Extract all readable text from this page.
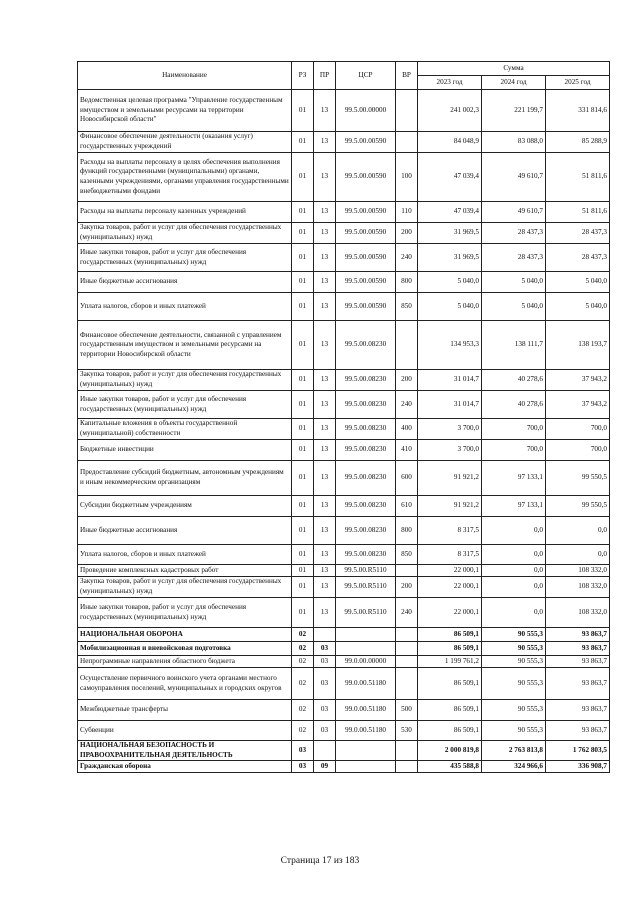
Наименование	РЗ	ПР	ЦСР	ВР	Сумма		
					2023 год	2024 год	2025 год
Ведомственная целевая программа "Управление государственным имуществом и земельными ресурсами на территории Новосибирской области"	01	13	99.5.00.00000		241 002,3	221 199,7	331 814,6
Финансовое обеспечение деятельности (оказания услуг) государственных учреждений	01	13	99.5.00.00590		84 048,9	83 088,0	85 288,9
Расходы на выплаты персоналу в целях обеспечения выполнения функций государственными (муниципальными) органами, казенными учреждениями, органами управления государственными внебюджетными фондами	01	13	99.5.00.00590	100	47 039,4	49 610,7	51 811,6
Расходы на выплаты персоналу казенных учреждений	01	13	99.5.00.00590	110	47 039,4	49 610,7	51 811,6
Закупка товаров, работ и услуг для обеспечения государственных (муниципальных) нужд	01	13	99.5.00.00590	200	31 969,5	28 437,3	28 437,3
Иные закупки товаров, работ и услуг для обеспечения государственных (муниципальных) нужд	01	13	99.5.00.00590	240	31 969,5	28 437,3	28 437,3
Иные бюджетные ассигнования	01	13	99.5.00.00590	800	5 040,0	5 040,0	5 040,0
Уплата налогов, сборов и иных платежей	01	13	99.5.00.00590	850	5 040,0	5 040,0	5 040,0
Финансовое обеспечение деятельности, связанной с управлением государственным имуществом и земельными ресурсами на территории Новосибирской области	01	13	99.5.00.08230		134 953,3	138 111,7	138 193,7
Закупка товаров, работ и услуг для обеспечения государственных (муниципальных) нужд	01	13	99.5.00.08230	200	31 014,7	40 278,6	37 943,2
Иные закупки товаров, работ и услуг для обеспечения государственных (муниципальных) нужд	01	13	99.5.00.08230	240	31 014,7	40 278,6	37 943,2
Капитальные вложения в объекты государственной (муниципальной) собственности	01	13	99.5.00.08230	400	3 700,0	700,0	700,0
Бюджетные инвестиции	01	13	99.5.00.08230	410	3 700,0	700,0	700,0
Предоставление субсидий бюджетным, автономным учреждениям и иным некоммерческим организациям	01	13	99.5.00.08230	600	91 921,2	97 133,1	99 550,5
Субсидии бюджетным учреждениям	01	13	99.5.00.08230	610	91 921,2	97 133,1	99 550,5
Иные бюджетные ассигнования	01	13	99.5.00.08230	800	8 317,5	0,0	0,0
Уплата налогов, сборов и иных платежей	01	13	99.5.00.08230	850	8 317,5	0,0	0,0
Проведение комплексных кадастровых работ	01	13	99.5.00.R5110		22 000,1	0,0	108 332,0
Закупка товаров, работ и услуг для обеспечения государственных (муниципальных) нужд	01	13	99.5.00.R5110	200	22 000,1	0,0	108 332,0
Иные закупки товаров, работ и услуг для обеспечения государственных (муниципальных) нужд	01	13	99.5.00.R5110	240	22 000,1	0,0	108 332,0
НАЦИОНАЛЬНАЯ ОБОРОНА	02				86 509,1	90 555,3	93 863,7
Мобилизационная и вневойсковая подготовка	02	03			86 509,1	90 555,3	93 863,7
Непрограммные направления областного бюджета	02	03	99.0.00.00000		1 199 761,2	90 555,3	93 863,7
Осуществление первичного воинского учета органами местного самоуправления поселений, муниципальных и городских округов	02	03	99.0.00.51180		86 509,1	90 555,3	93 863,7
Межбюджетные трансферты	02	03	99.0.00.51180	500	86 509,1	90 555,3	93 863,7
Субвенции	02	03	99.0.00.51180	530	86 509,1	90 555,3	93 863,7
НАЦИОНАЛЬНАЯ БЕЗОПАСНОСТЬ И ПРАВООХРАНИТЕЛЬНАЯ ДЕЯТЕЛЬНОСТЬ	03				2 000 819,8	2 763 813,8	1 762 803,5
Гражданская оборона	03	09			435 588,8	324 966,6	336 908,7
Страница 17 из 183
